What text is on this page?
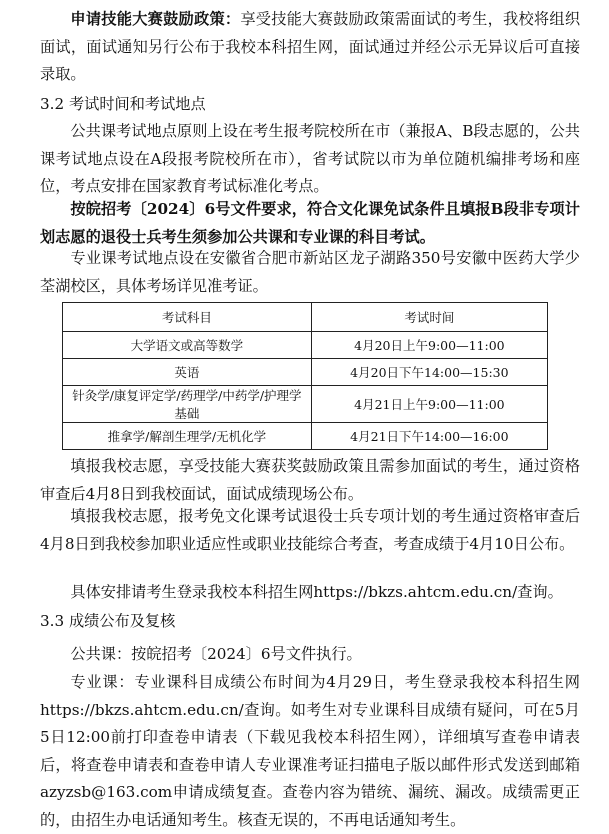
申请技能大赛鼓励政策：享受技能大赛鼓励政策需面试的考生，我校将组织面试，面试通知另行公布于我校本科招生网，面试通过并经公示无异议后可直接录取。

3.2 考试时间和考试地点

公共课考试地点原则上设在考生报考院校所在市（兼报A、B段志愿的，公共课考试地点设在A段报考院校所在市），省考试院以市为单位随机编排考场和座位，考点安排在国家教育考试标准化考点。

按皖招考〔2024〕6号文件要求，符合文化课免试条件且填报B段非专项计划志愿的退役士兵考生须参加公共课和专业课的科目考试。

专业课考试地点设在安徽省合肥市新站区龙子湖路350号安徽中医药大学少荃湖校区，具体考场详见准考证。

考试科目	考试时间
大学语文或高等数学	4月20日上午9:00—11:00
英语	4月20日下午14:00—15:30
针灸学/康复评定学/药理学/中药学/护理学基础	4月21日上午9:00—11:00
推拿学/解剖生理学/无机化学	4月21日下午14:00—16:00

填报我校志愿，享受技能大赛获奖鼓励政策且需参加面试的考生，通过资格审查后4月8日到我校面试，面试成绩现场公布。

填报我校志愿，报考免文化课考试退役士兵专项计划的考生通过资格审查后4月8日到我校参加职业适应性或职业技能综合考查，考查成绩于4月10日公布。

具体安排请考生登录我校本科招生网https://bkzs.ahtcm.edu.cn/查询。

3.3 成绩公布及复核

公共课：按皖招考〔2024〕6号文件执行。

专业课：专业课科目成绩公布时间为4月29日，考生登录我校本科招生网https://bkzs.ahtcm.edu.cn/查询。如考生对专业课科目成绩有疑问，可在5月5日12:00前打印查卷申请表（下载见我校本科招生网），详细填写查卷申请表后，将查卷申请表和查卷申请人专业课准考证扫描电子版以邮件形式发送到邮箱azyzsb@163.com申请成绩复查。查卷内容为错统、漏统、漏改。成绩需更正的，由招生办电话通知考生。核查无误的，不再电话通知考生。
